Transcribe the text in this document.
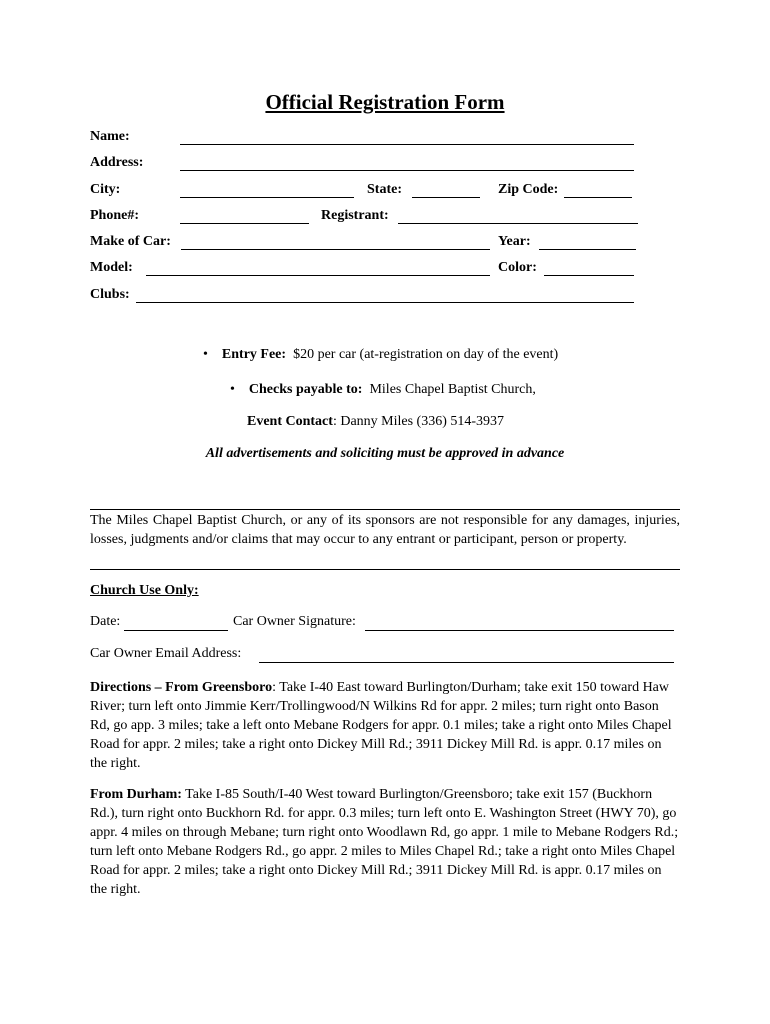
Official Registration Form
Name:
Address:
City:	State:	Zip Code:
Phone#:	Registrant:
Make of Car:	Year:
Model:	Color:
Clubs:
• Entry Fee: $20 per car (at-registration on day of the event)
• Checks payable to: Miles Chapel Baptist Church,
Event Contact: Danny Miles (336) 514-3937
All advertisements and soliciting must be approved in advance
The Miles Chapel Baptist Church, or any of its sponsors are not responsible for any damages, injuries, losses, judgments and/or claims that may occur to any entrant or participant, person or property.
Church Use Only:
Date:	Car Owner Signature:
Car Owner Email Address:
Directions – From Greensboro: Take I-40 East toward Burlington/Durham; take exit 150 toward Haw River; turn left onto Jimmie Kerr/Trollingwood/N Wilkins Rd for appr. 2 miles; turn right onto Bason Rd, go app. 3 miles; take a left onto Mebane Rodgers for appr. 0.1 miles; take a right onto Miles Chapel Road for appr. 2 miles; take a right onto Dickey Mill Rd.; 3911 Dickey Mill Rd. is appr. 0.17 miles on the right.
From Durham: Take I-85 South/I-40 West toward Burlington/Greensboro; take exit 157 (Buckhorn Rd.), turn right onto Buckhorn Rd. for appr. 0.3 miles; turn left onto E. Washington Street (HWY 70), go appr. 4 miles on through Mebane; turn right onto Woodlawn Rd, go appr. 1 mile to Mebane Rodgers Rd.; turn left onto Mebane Rodgers Rd., go appr. 2 miles to Miles Chapel Rd.; take a right onto Miles Chapel Road for appr. 2 miles; take a right onto Dickey Mill Rd.; 3911 Dickey Mill Rd. is appr. 0.17 miles on the right.
